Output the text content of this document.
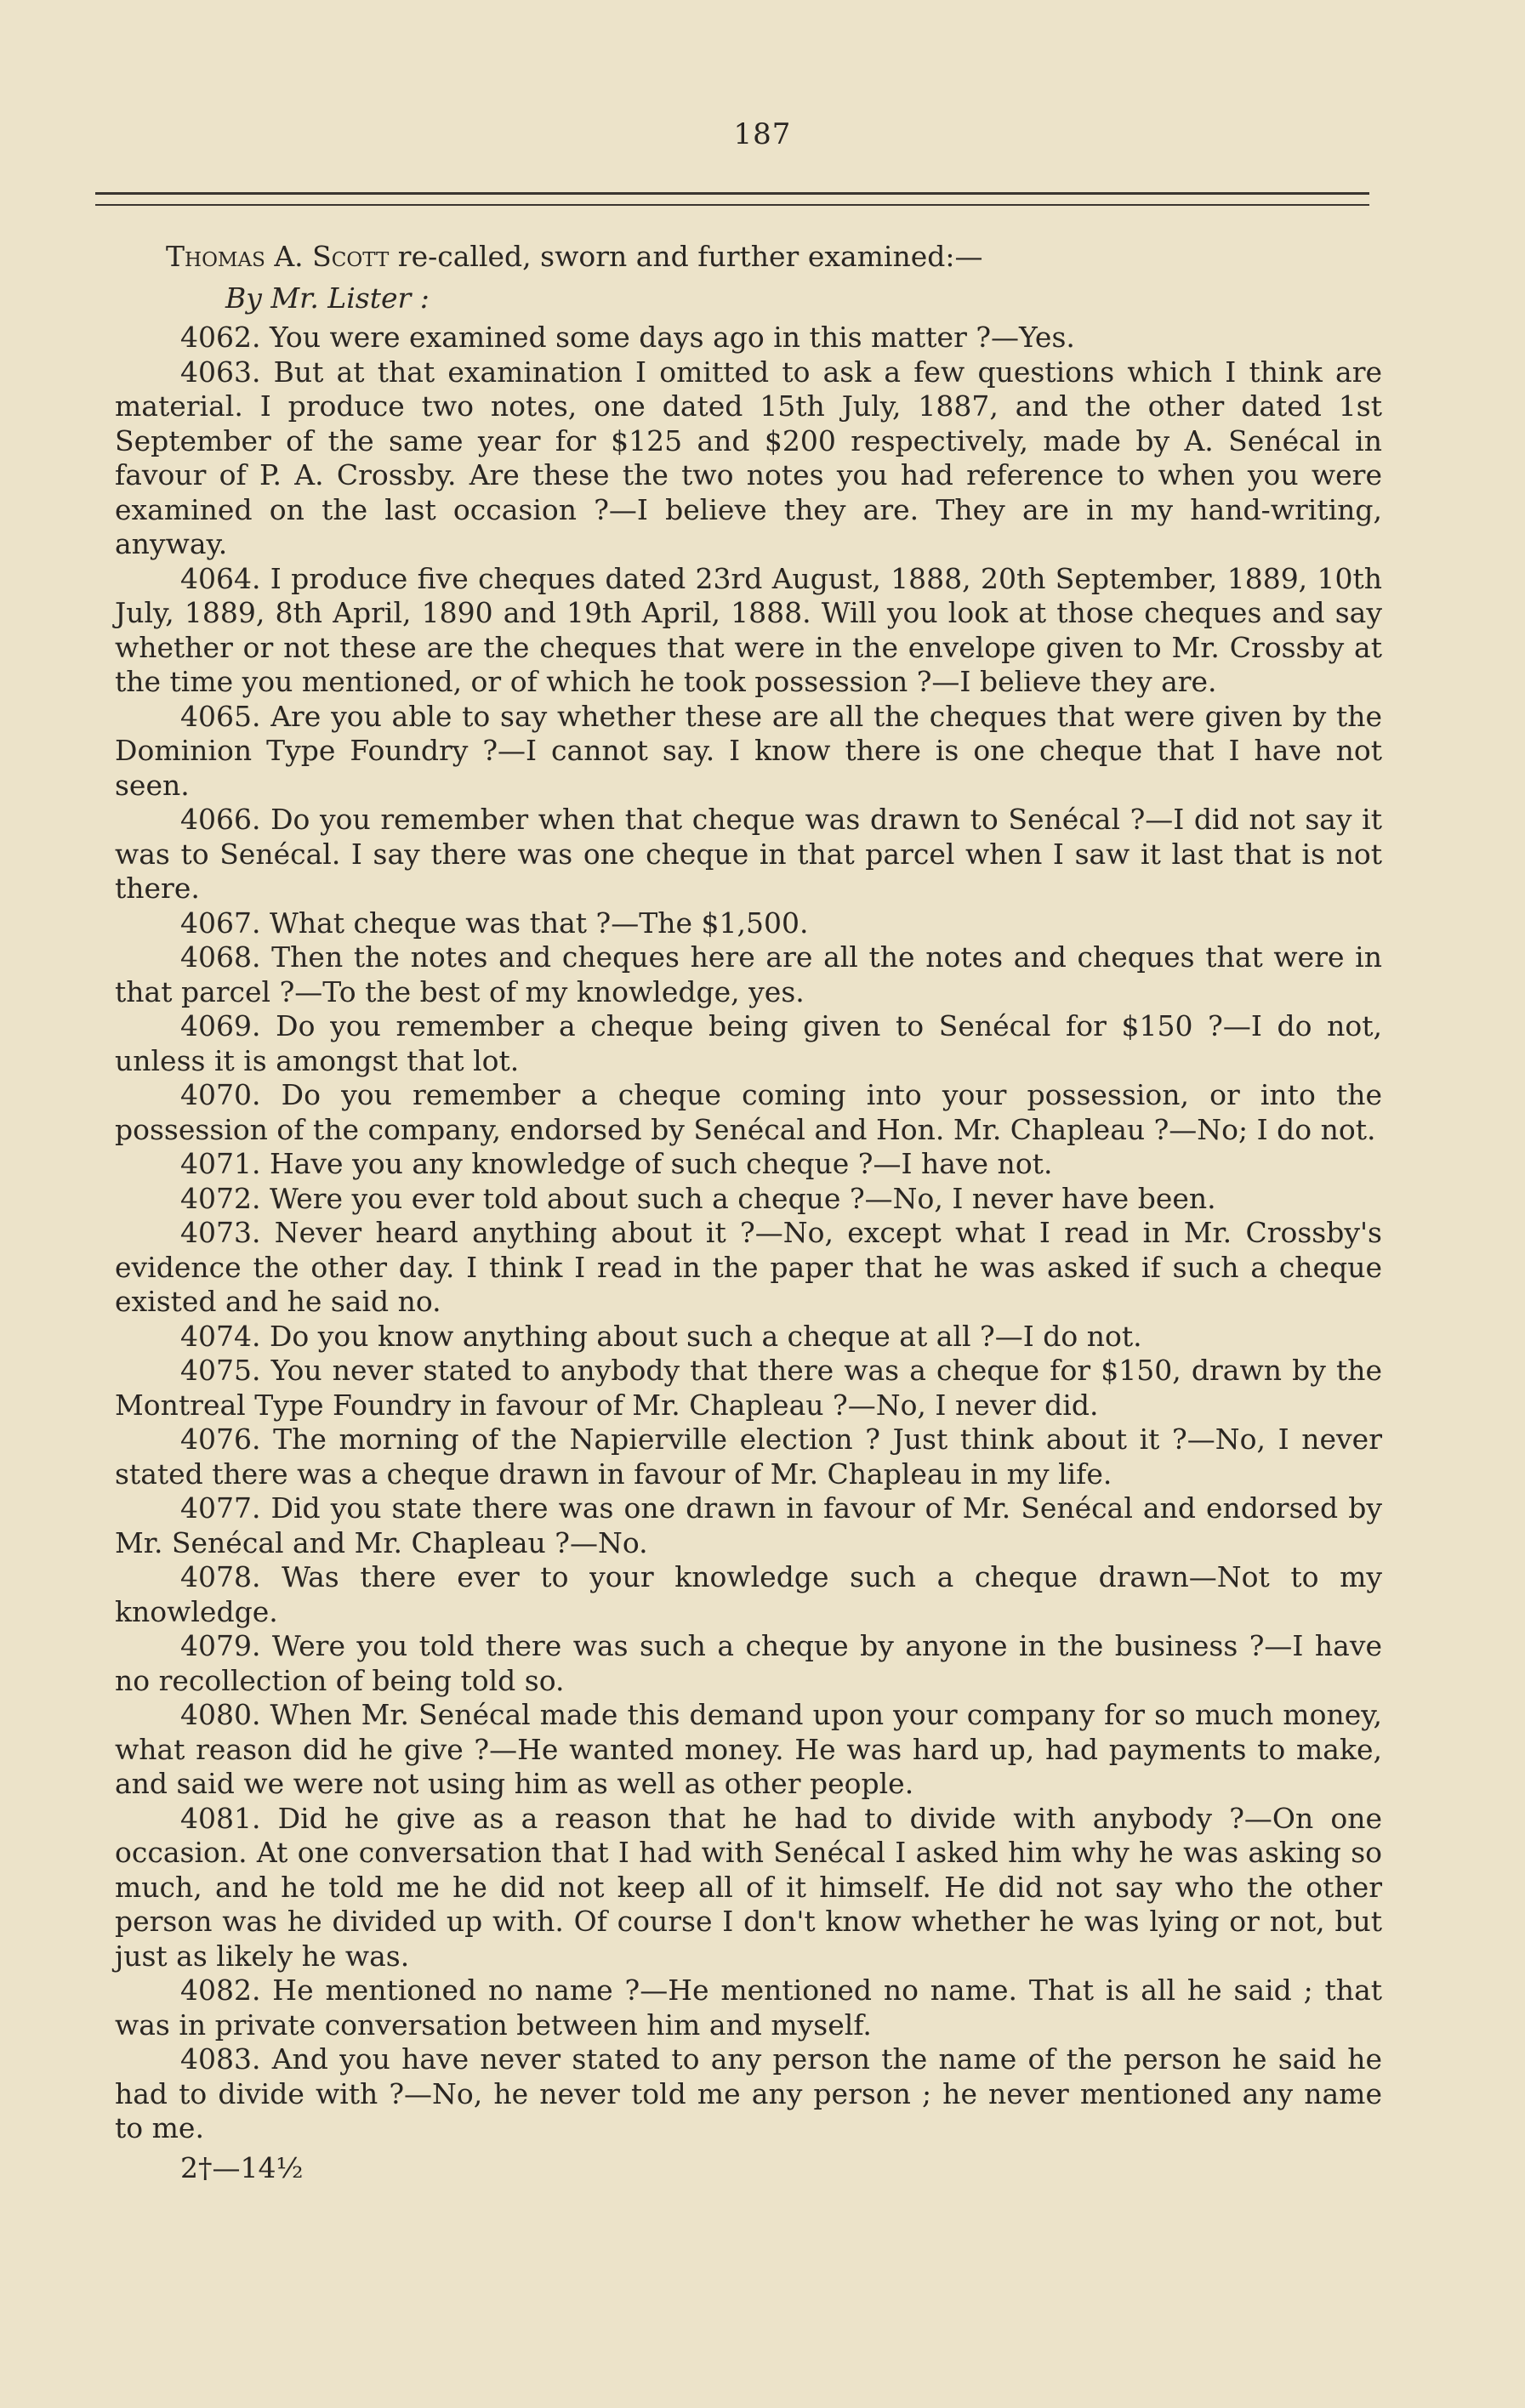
187

Thomas A. Scott re-called, sworn and further examined:—

By Mr. Lister :

4062. You were examined some days ago in this matter ?—Yes.

4063. But at that examination I omitted to ask a few questions which I think are material. I produce two notes, one dated 15th July, 1887, and the other dated 1st September of the same year for $125 and $200 respectively, made by A. Senécal in favour of P. A. Crossby. Are these the two notes you had reference to when you were examined on the last occasion ?—I believe they are. They are in my hand-writing, anyway.

4064. I produce five cheques dated 23rd August, 1888, 20th September, 1889, 10th July, 1889, 8th April, 1890 and 19th April, 1888. Will you look at those cheques and say whether or not these are the cheques that were in the envelope given to Mr. Crossby at the time you mentioned, or of which he took possession ?—I believe they are.

4065. Are you able to say whether these are all the cheques that were given by the Dominion Type Foundry ?—I cannot say. I know there is one cheque that I have not seen.

4066. Do you remember when that cheque was drawn to Senécal ?—I did not say it was to Senécal. I say there was one cheque in that parcel when I saw it last that is not there.

4067. What cheque was that ?—The $1,500.

4068. Then the notes and cheques here are all the notes and cheques that were in that parcel ?—To the best of my knowledge, yes.

4069. Do you remember a cheque being given to Senécal for $150 ?—I do not, unless it is amongst that lot.

4070. Do you remember a cheque coming into your possession, or into the possession of the company, endorsed by Senécal and Hon. Mr. Chapleau ?—No; I do not.

4071. Have you any knowledge of such cheque ?—I have not.

4072. Were you ever told about such a cheque ?—No, I never have been.

4073. Never heard anything about it ?—No, except what I read in Mr. Crossby's evidence the other day. I think I read in the paper that he was asked if such a cheque existed and he said no.

4074. Do you know anything about such a cheque at all ?—I do not.

4075. You never stated to anybody that there was a cheque for $150, drawn by the Montreal Type Foundry in favour of Mr. Chapleau ?—No, I never did.

4076. The morning of the Napierville election ? Just think about it ?—No, I never stated there was a cheque drawn in favour of Mr. Chapleau in my life.

4077. Did you state there was one drawn in favour of Mr. Senécal and endorsed by Mr. Senécal and Mr. Chapleau ?—No.

4078. Was there ever to your knowledge such a cheque drawn—Not to my knowledge.

4079. Were you told there was such a cheque by anyone in the business ?—I have no recollection of being told so.

4080. When Mr. Senécal made this demand upon your company for so much money, what reason did he give ?—He wanted money. He was hard up, had payments to make, and said we were not using him as well as other people.

4081. Did he give as a reason that he had to divide with anybody ?—On one occasion. At one conversation that I had with Senécal I asked him why he was asking so much, and he told me he did not keep all of it himself. He did not say who the other person was he divided up with. Of course I don't know whether he was lying or not, but just as likely he was.

4082. He mentioned no name ?—He mentioned no name. That is all he said ; that was in private conversation between him and myself.

4083. And you have never stated to any person the name of the person he said he had to divide with ?—No, he never told me any person ; he never mentioned any name to me.

2†—14½
